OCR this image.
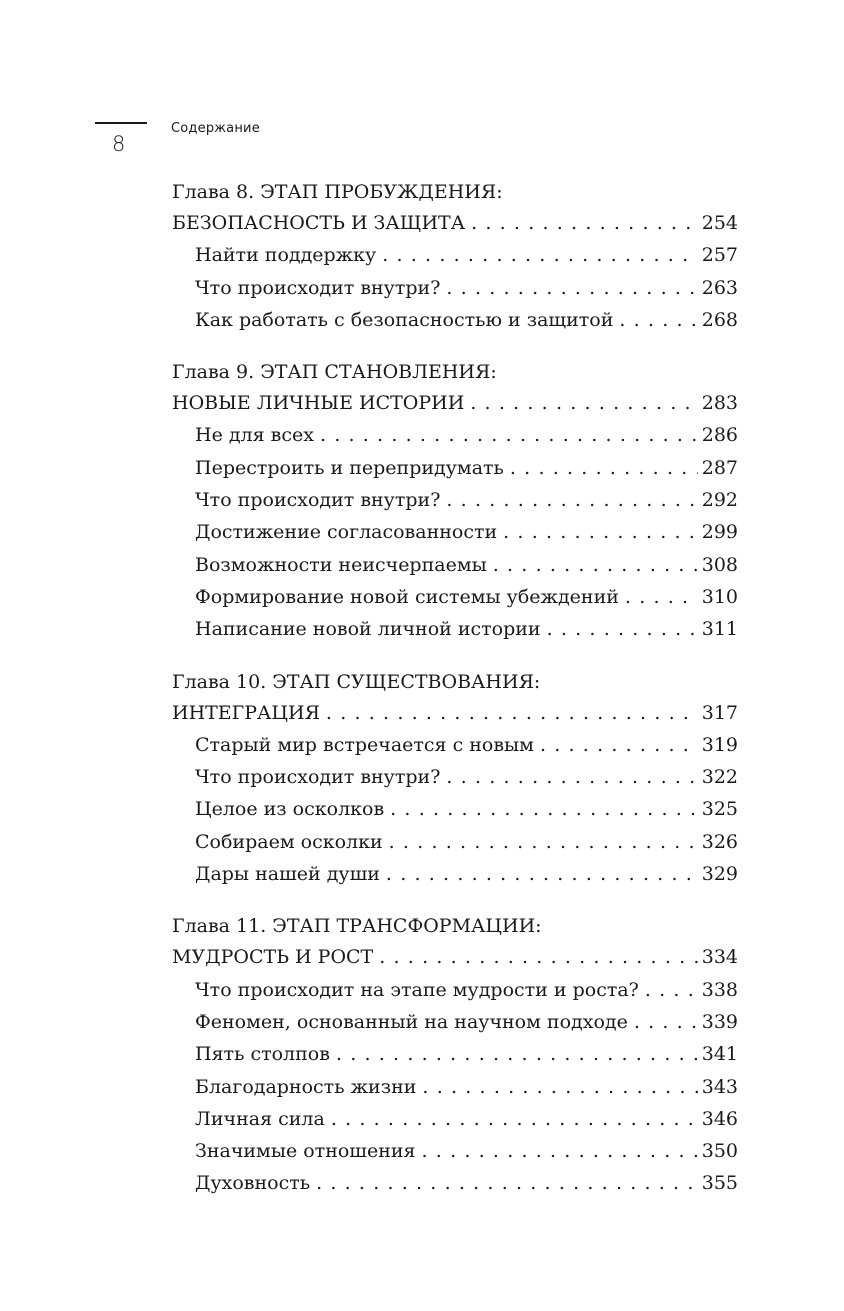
8
Содержание
Глава 8. ЭТАП ПРОБУЖДЕНИЯ:
БЕЗОПАСНОСТЬ И ЗАЩИТА . . .	254
Найти поддержку . . .	257
Что происходит внутри? . . .	263
Как работать с безопасностью и защитой . . .	268
Глава 9. ЭТАП СТАНОВЛЕНИЯ:
НОВЫЕ ЛИЧНЫЕ ИСТОРИИ . . .	283
Не для всех . . .	286
Перестроить и перепридумать . . .	287
Что происходит внутри? . . .	292
Достижение согласованности . . .	299
Возможности неисчерпаемы . . .	308
Формирование новой системы убеждений . . .	310
Написание новой личной истории . . .	311
Глава 10. ЭТАП СУЩЕСТВОВАНИЯ:
ИНТЕГРАЦИЯ . . .	317
Старый мир встречается с новым . . .	319
Что происходит внутри? . . .	322
Целое из осколков . . .	325
Собираем осколки . . .	326
Дары нашей души . . .	329
Глава 11. ЭТАП ТРАНСФОРМАЦИИ:
МУДРОСТЬ И РОСТ . . .	334
Что происходит на этапе мудрости и роста? . . .	338
Феномен, основанный на научном подходе . . .	339
Пять столпов . . .	341
Благодарность жизни . . .	343
Личная сила . . .	346
Значимые отношения . . .	350
Духовность . . .	355
